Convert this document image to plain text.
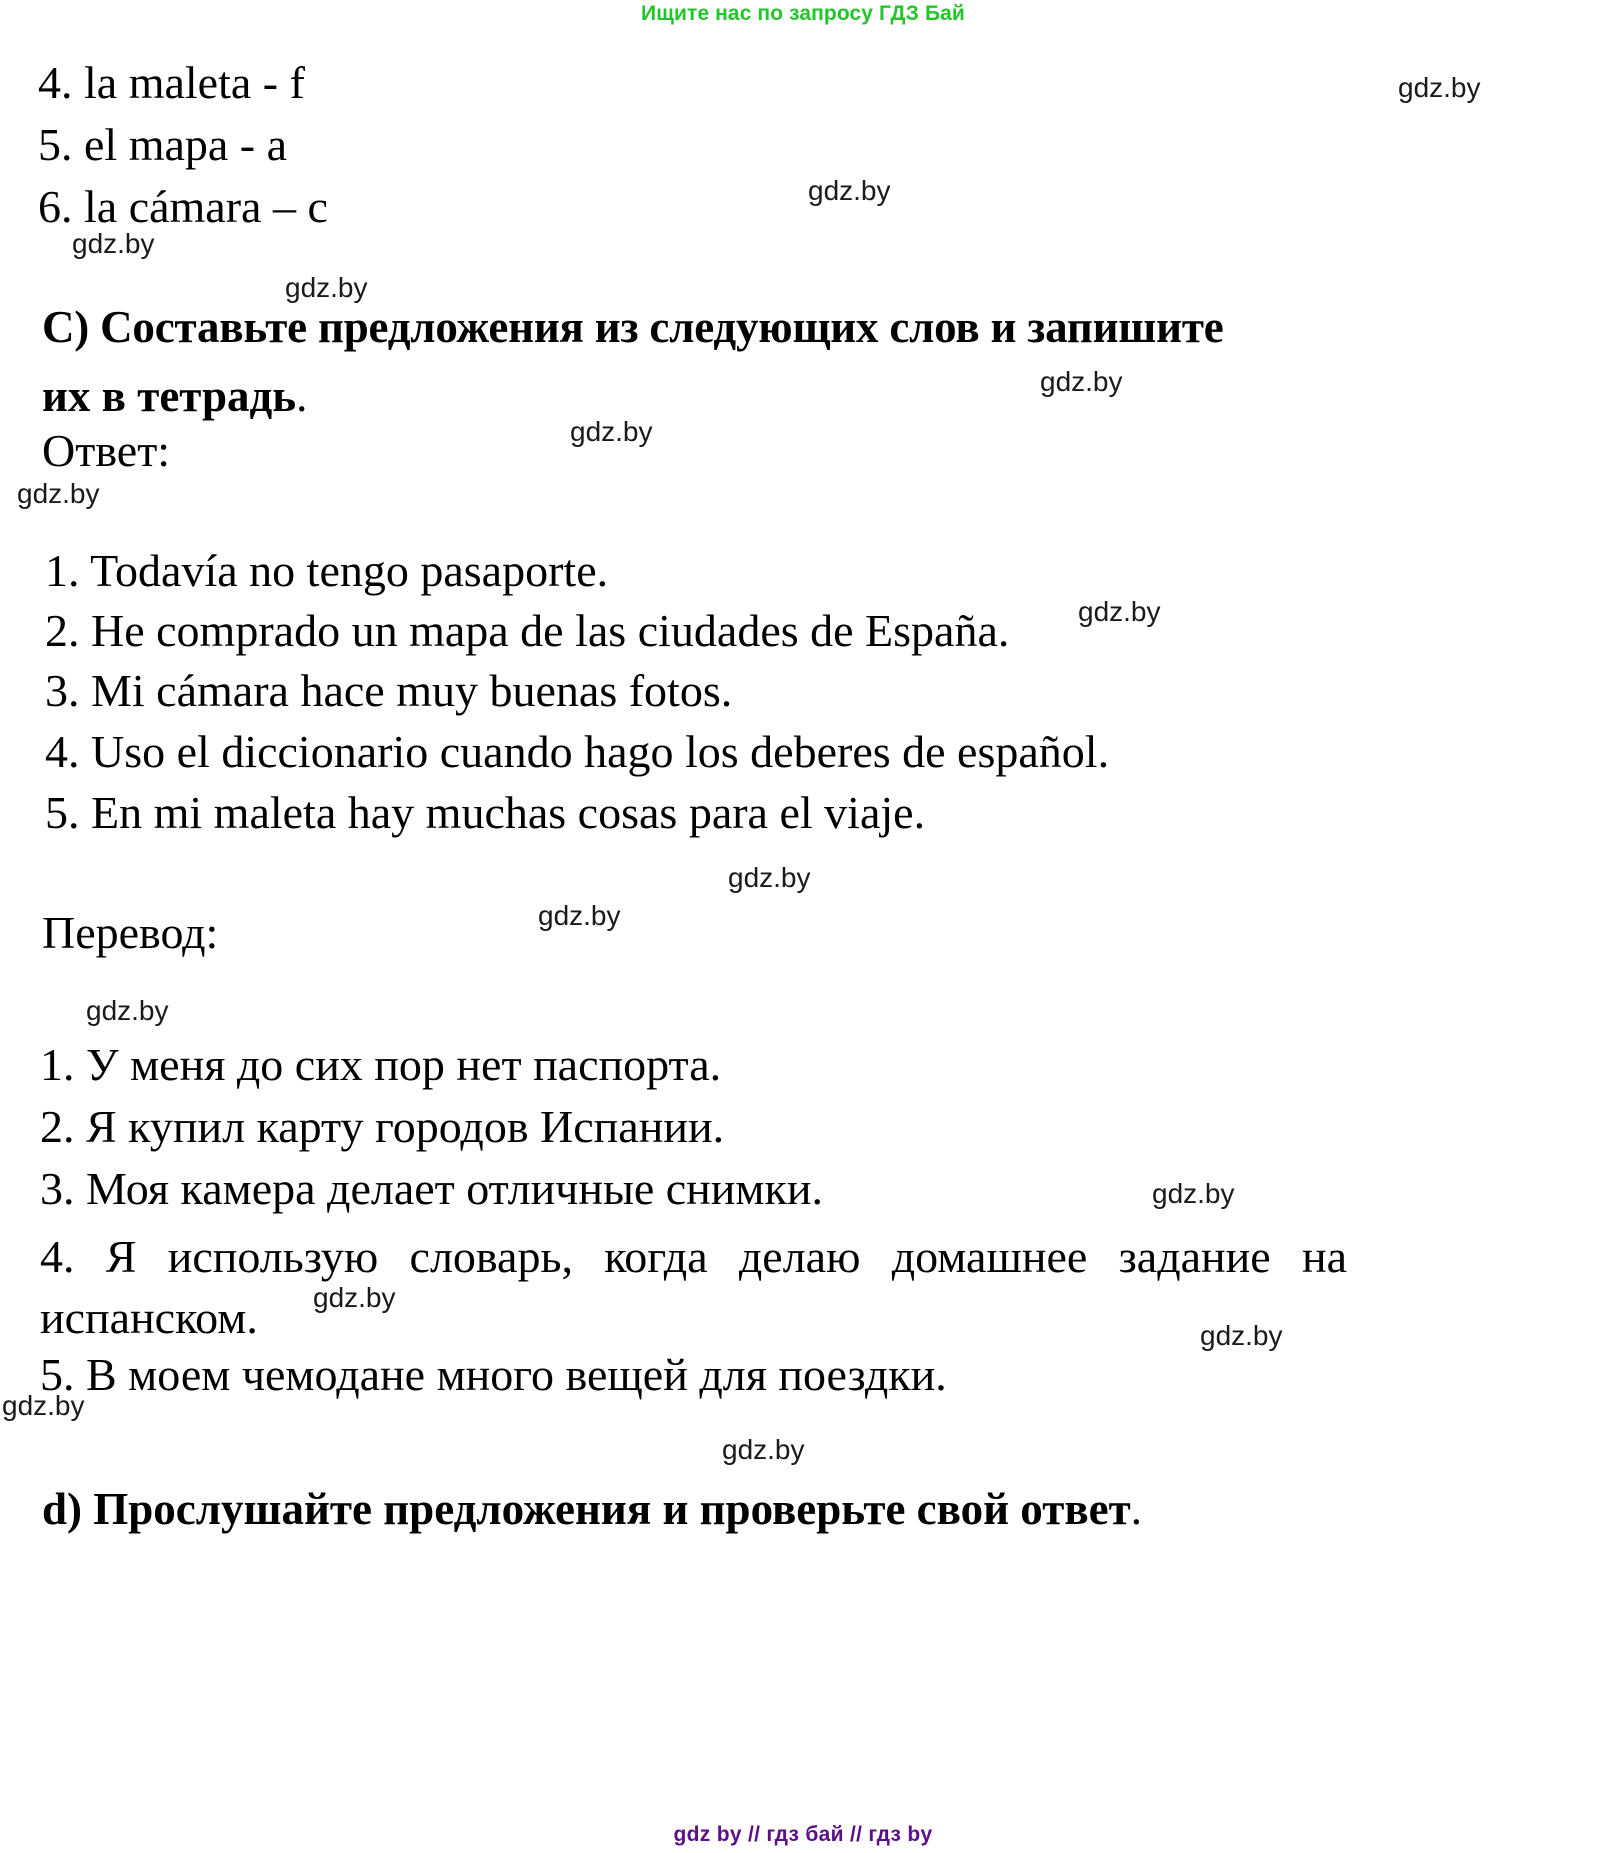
Ищите нас по запросу ГДЗ Бай
4. la maleta - f
5. el mapa - a
6. la cámara – c
C) Составьте предложения из следующих слов и запишите
их в тетрадь.
Ответ:
1. Todavía no tengo pasaporte.
2. He comprado un mapa de las ciudades de España.
3. Mi cámara hace muy buenas fotos.
4. Uso el diccionario cuando hago los deberes de español.
5. En mi maleta hay muchas cosas para el viaje.
Перевод:
1. У меня до сих пор нет паспорта.
2. Я купил карту городов Испании.
3. Моя камера делает отличные снимки.
4. Я использую словарь, когда делаю домашнее задание на испанском.
5. В моем чемодане много вещей для поездки.
d) Прослушайте предложения и проверьте свой ответ.
gdz.by
gdz.by
gdz.by
gdz.by
gdz.by
gdz.by
gdz.by
gdz.by
gdz.by
gdz.by
gdz.by
gdz.by
gdz.by
gdz.by
gdz.by
gdz.by
gdz by // гдз бай // гдз by
